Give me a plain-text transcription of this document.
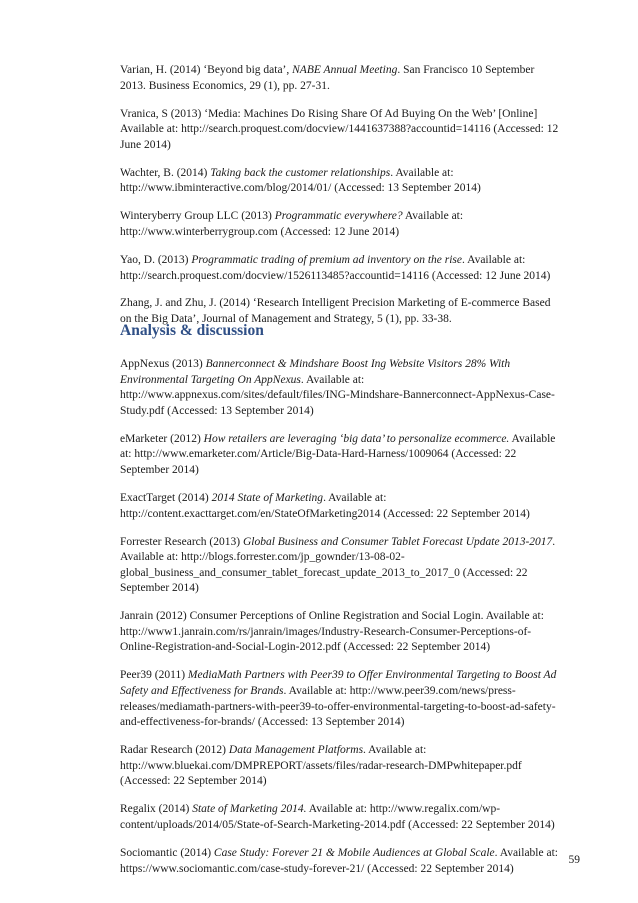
Varian, H. (2014) ‘Beyond big data’, NABE Annual Meeting. San Francisco 10 September
2013. Business Economics, 29 (1), pp. 27-31.
Vranica, S (2013) ‘Media: Machines Do Rising Share Of Ad Buying On the Web’ [Online]
Available at: http://search.proquest.com/docview/1441637388?accountid=14116 (Accessed: 12
June 2014)
Wachter, B. (2014) Taking back the customer relationships. Available at:
http://www.ibminteractive.com/blog/2014/01/ (Accessed: 13 September 2014)
Winteryberry Group LLC (2013) Programmatic everywhere? Available at:
http://www.winterberrygroup.com (Accessed: 12 June 2014)
Yao, D. (2013) Programmatic trading of premium ad inventory on the rise. Available at:
http://search.proquest.com/docview/1526113485?accountid=14116 (Accessed: 12 June 2014)
Zhang, J. and Zhu, J. (2014) ‘Research Intelligent Precision Marketing of E-commerce Based
on the Big Data’, Journal of Management and Strategy, 5 (1), pp. 33-38.
Analysis & discussion
AppNexus (2013) Bannerconnect & Mindshare Boost Ing Website Visitors 28% With
Environmental Targeting On AppNexus. Available at:
http://www.appnexus.com/sites/default/files/ING-Mindshare-Bannerconnect-AppNexus-Case-
Study.pdf (Accessed: 13 September 2014)
eMarketer (2012) How retailers are leveraging ‘big data’ to personalize ecommerce. Available
at: http://www.emarketer.com/Article/Big-Data-Hard-Harness/1009064 (Accessed: 22
September 2014)
ExactTarget (2014) 2014 State of Marketing. Available at:
http://content.exacttarget.com/en/StateOfMarketing2014 (Accessed: 22 September 2014)
Forrester Research (2013) Global Business and Consumer Tablet Forecast Update 2013-2017.
Available at: http://blogs.forrester.com/jp_gownder/13-08-02-
global_business_and_consumer_tablet_forecast_update_2013_to_2017_0 (Accessed: 22
September 2014)
Janrain (2012) Consumer Perceptions of Online Registration and Social Login. Available at:
http://www1.janrain.com/rs/janrain/images/Industry-Research-Consumer-Perceptions-of-
Online-Registration-and-Social-Login-2012.pdf (Accessed: 22 September 2014)
Peer39 (2011) MediaMath Partners with Peer39 to Offer Environmental Targeting to Boost Ad
Safety and Effectiveness for Brands. Available at: http://www.peer39.com/news/press-
releases/mediamath-partners-with-peer39-to-offer-environmental-targeting-to-boost-ad-safety-
and-effectiveness-for-brands/ (Accessed: 13 September 2014)
Radar Research (2012) Data Management Platforms. Available at:
http://www.bluekai.com/DMPREPORT/assets/files/radar-research-DMPwhitepaper.pdf
(Accessed: 22 September 2014)
Regalix (2014) State of Marketing 2014. Available at: http://www.regalix.com/wp-
content/uploads/2014/05/State-of-Search-Marketing-2014.pdf (Accessed: 22 September 2014)
Sociomantic (2014) Case Study: Forever 21 & Mobile Audiences at Global Scale. Available at:
https://www.sociomantic.com/case-study-forever-21/ (Accessed: 22 September 2014)
59
